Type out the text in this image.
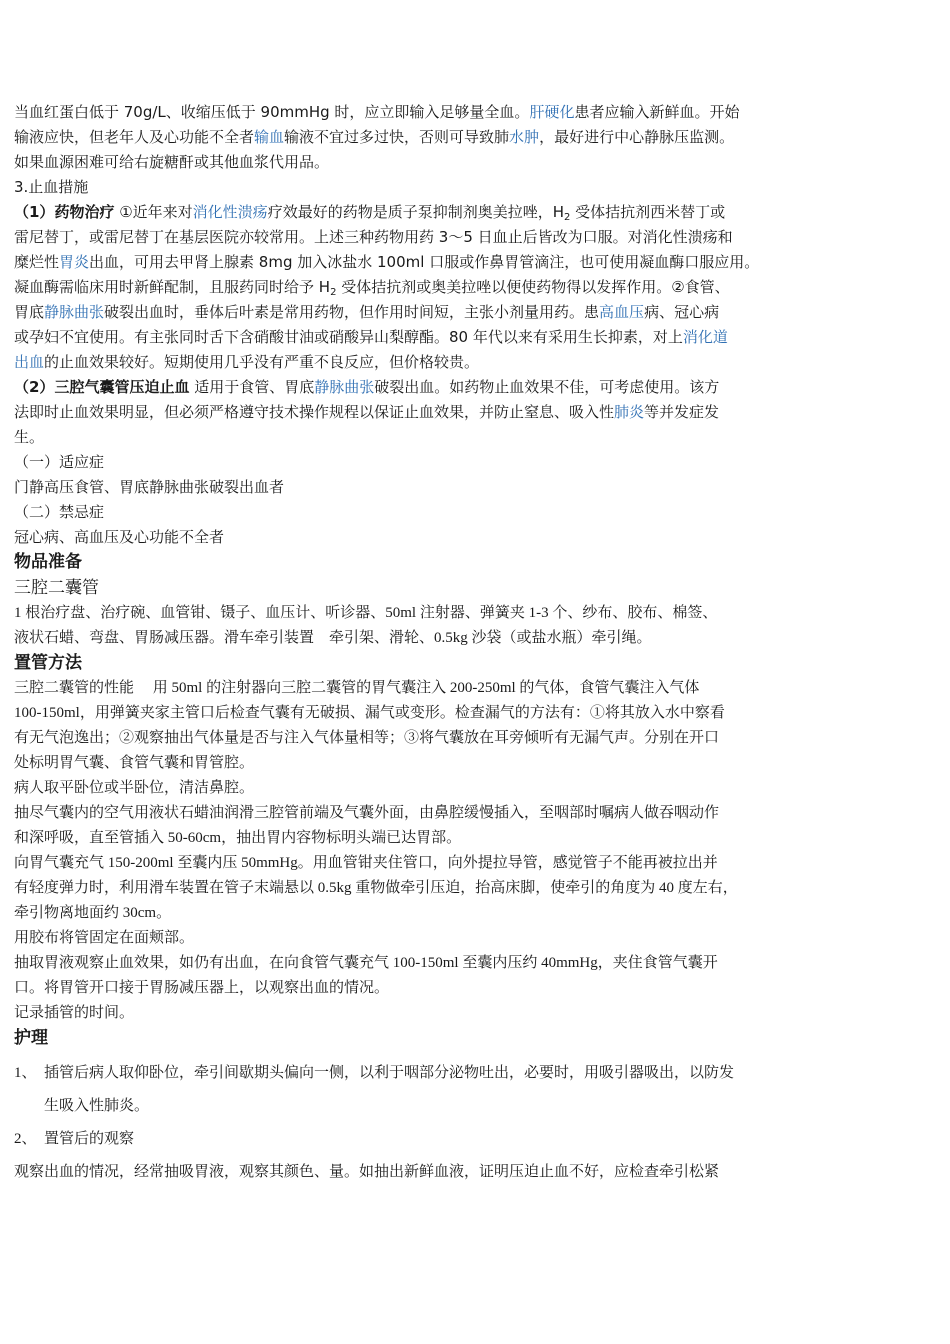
当血红蛋白低于 70g/L、收缩压低于 90mmHg 时，应立即输入足够量全血。肝硬化患者应输入新鲜血。开始
输液应快，但老年人及心功能不全者输血输液不宜过多过快，否则可导致肺水肿，最好进行中心静脉压监测。
如果血源困难可给右旋糖酐或其他血浆代用品。
3.止血措施
（1）药物治疗 ①近年来对消化性溃疡疗效最好的药物是质子泵抑制剂奥美拉唑，$H_2$ 受体拮抗剂西米替丁或
雷尼替丁，或雷尼替丁在基层医院亦较常用。上述三种药物用药 3～5 日血止后皆改为口服。对消化性溃疡和
糜烂性胃炎出血，可用去甲肾上腺素 8mg 加入冰盐水 100ml 口服或作鼻胃管滴注，也可使用凝血酶口服应用。
凝血酶需临床用时新鲜配制，且服药同时给予 $H_2$ 受体拮抗剂或奥美拉唑以便使药物得以发挥作用。②食管、
胃底静脉曲张破裂出血时，垂体后叶素是常用药物，但作用时间短，主张小剂量用药。患高血压病、冠心病
或孕妇不宜使用。有主张同时舌下含硝酸甘油或硝酸异山梨醇酯。80 年代以来有采用生长抑素，对上消化道
出血的止血效果较好。短期使用几乎没有严重不良反应，但价格较贵。
（2）三腔气囊管压迫止血 适用于食管、胃底静脉曲张破裂出血。如药物止血效果不佳，可考虑使用。该方
法即时止血效果明显，但必须严格遵守技术操作规程以保证止血效果，并防止窒息、吸入性肺炎等并发症发
生。
（一）适应症
门静高压食管、胃底静脉曲张破裂出血者
（二）禁忌症
冠心病、高血压及心功能不全者
物品准备
三腔二囊管
1 根治疗盘、治疗碗、血管钳、镊子、血压计、听诊器、50ml 注射器、弹簧夹 1-3 个、纱布、胶布、棉签、
液状石蜡、弯盘、胃肠减压器。滑车牵引装置　牵引架、滑轮、0.5kg 沙袋（或盐水瓶）牵引绳。
置管方法
三腔二囊管的性能　 用 50ml 的注射器向三腔二囊管的胃气囊注入 200-250ml 的气体，食管气囊注入气体
100-150ml，用弹簧夹家主管口后检查气囊有无破损、漏气或变形。检查漏气的方法有：①将其放入水中察看
有无气泡逸出；②观察抽出气体量是否与注入气体量相等；③将气囊放在耳旁倾听有无漏气声。分别在开口
处标明胃气囊、食管气囊和胃管腔。
病人取平卧位或半卧位，清洁鼻腔。
抽尽气囊内的空气用液状石蜡油润滑三腔管前端及气囊外面，由鼻腔缓慢插入，至咽部时嘱病人做吞咽动作
和深呼吸，直至管插入 50-60cm，抽出胃内容物标明头端已达胃部。
向胃气囊充气 150-200ml 至囊内压 50mmHg。用血管钳夹住管口，向外提拉导管，感觉管子不能再被拉出并
有轻度弹力时，利用滑车装置在管子末端悬以 0.5kg 重物做牵引压迫，抬高床脚，使牵引的角度为 40 度左右，
牵引物离地面约 30cm。
用胶布将管固定在面颊部。
抽取胃液观察止血效果，如仍有出血，在向食管气囊充气 100-150ml 至囊内压约 40mmHg，夹住食管气囊开
口。将胃管开口接于胃肠减压器上，以观察出血的情况。
记录插管的时间。
护理
1、 插管后病人取仰卧位，牵引间歇期头偏向一侧，以利于咽部分泌物吐出，必要时，用吸引器吸出，以防发
生吸入性肺炎。
2、 置管后的观察
观察出血的情况，经常抽吸胃液，观察其颜色、量。如抽出新鲜血液，证明压迫止血不好，应检查牵引松紧
